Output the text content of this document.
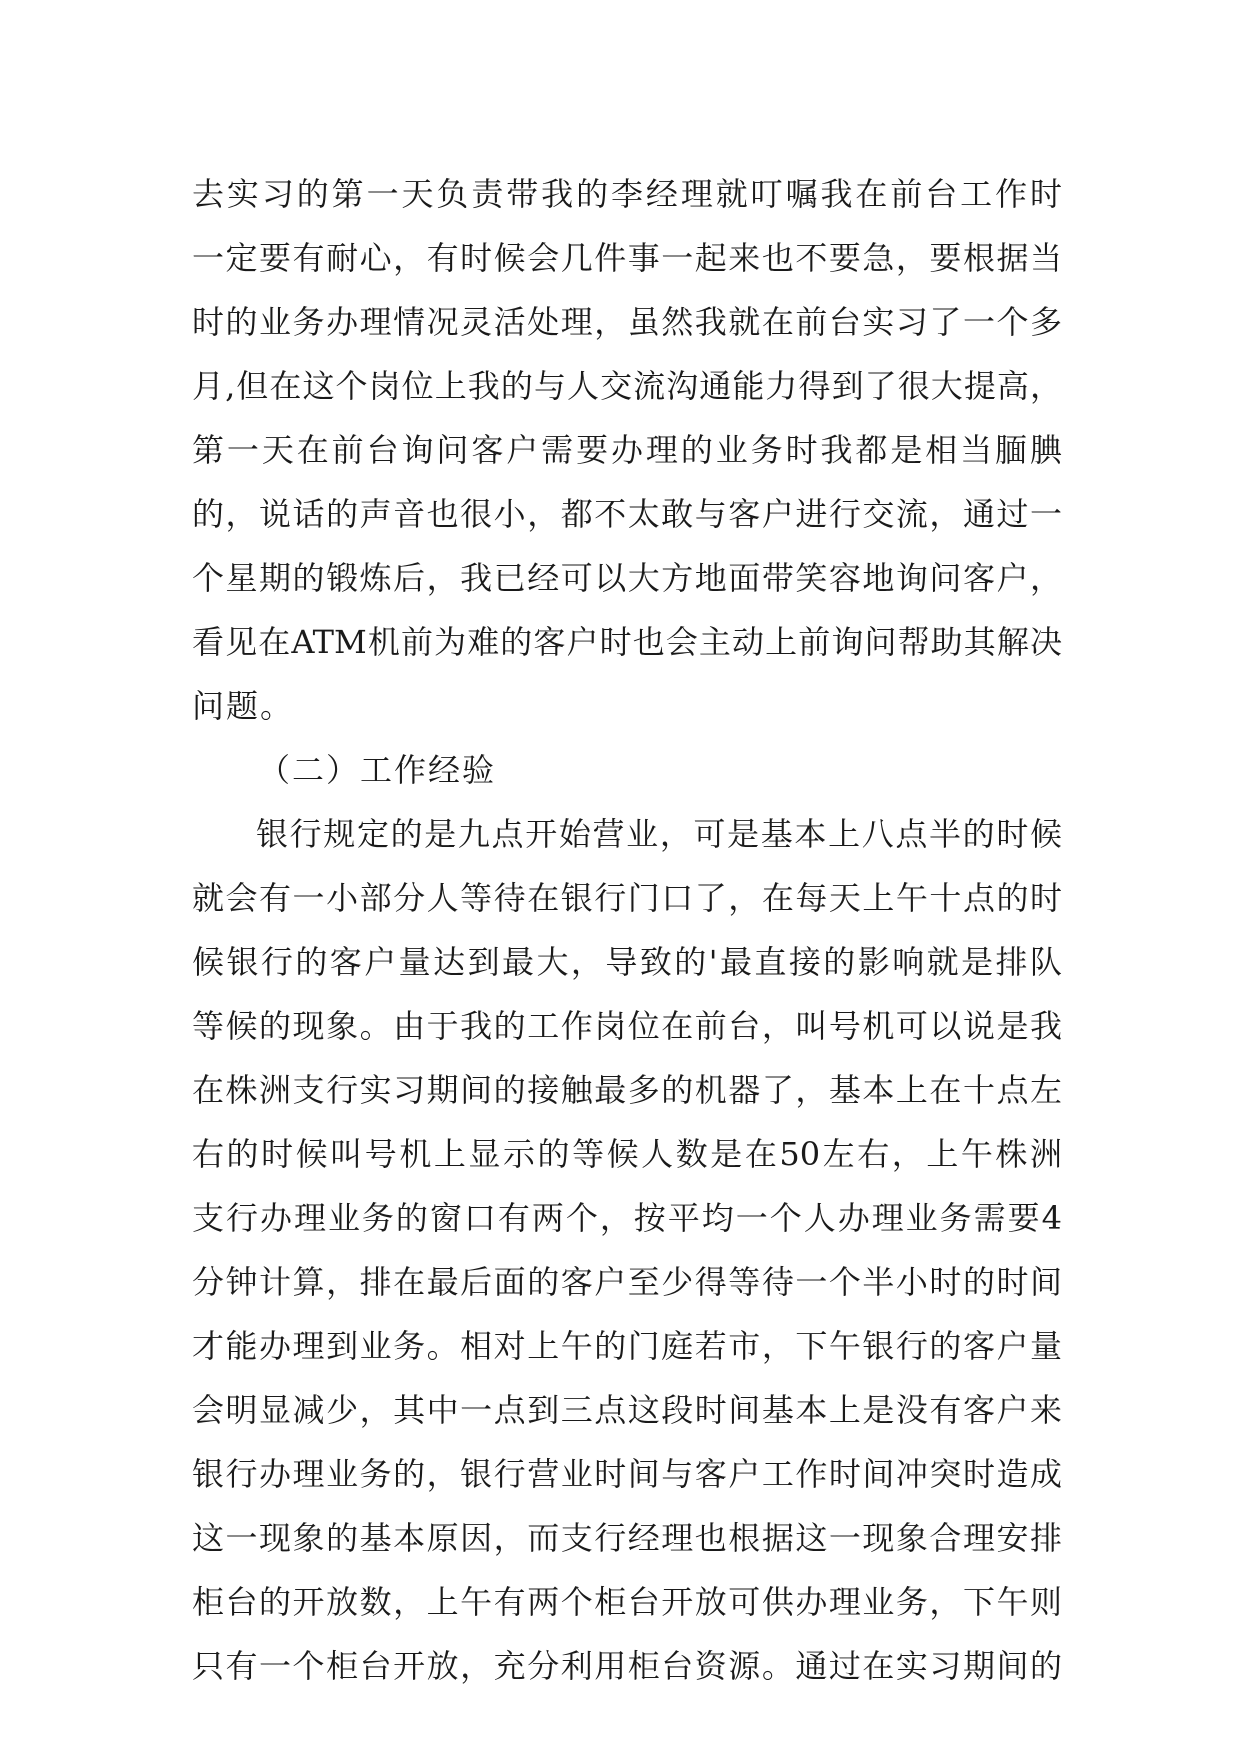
去实习的第一天负责带我的李经理就叮嘱我在前台工作时
一定要有耐心，有时候会几件事一起来也不要急，要根据当
时的业务办理情况灵活处理，虽然我就在前台实习了一个多
月,但在这个岗位上我的与人交流沟通能力得到了很大提高，
第一天在前台询问客户需要办理的业务时我都是相当腼腆
的，说话的声音也很小，都不太敢与客户进行交流，通过一
个星期的锻炼后，我已经可以大方地面带笑容地询问客户，
看见在ATM机前为难的客户时也会主动上前询问帮助其解决
问题。
（二）工作经验
银行规定的是九点开始营业，可是基本上八点半的时候
就会有一小部分人等待在银行门口了，在每天上午十点的时
候银行的客户量达到最大，导致的'最直接的影响就是排队
等候的现象。由于我的工作岗位在前台，叫号机可以说是我
在株洲支行实习期间的接触最多的机器了，基本上在十点左
右的时候叫号机上显示的等候人数是在50左右，上午株洲
支行办理业务的窗口有两个，按平均一个人办理业务需要4
分钟计算，排在最后面的客户至少得等待一个半小时的时间
才能办理到业务。相对上午的门庭若市，下午银行的客户量
会明显减少，其中一点到三点这段时间基本上是没有客户来
银行办理业务的，银行营业时间与客户工作时间冲突时造成
这一现象的基本原因，而支行经理也根据这一现象合理安排
柜台的开放数，上午有两个柜台开放可供办理业务，下午则
只有一个柜台开放，充分利用柜台资源。通过在实习期间的
